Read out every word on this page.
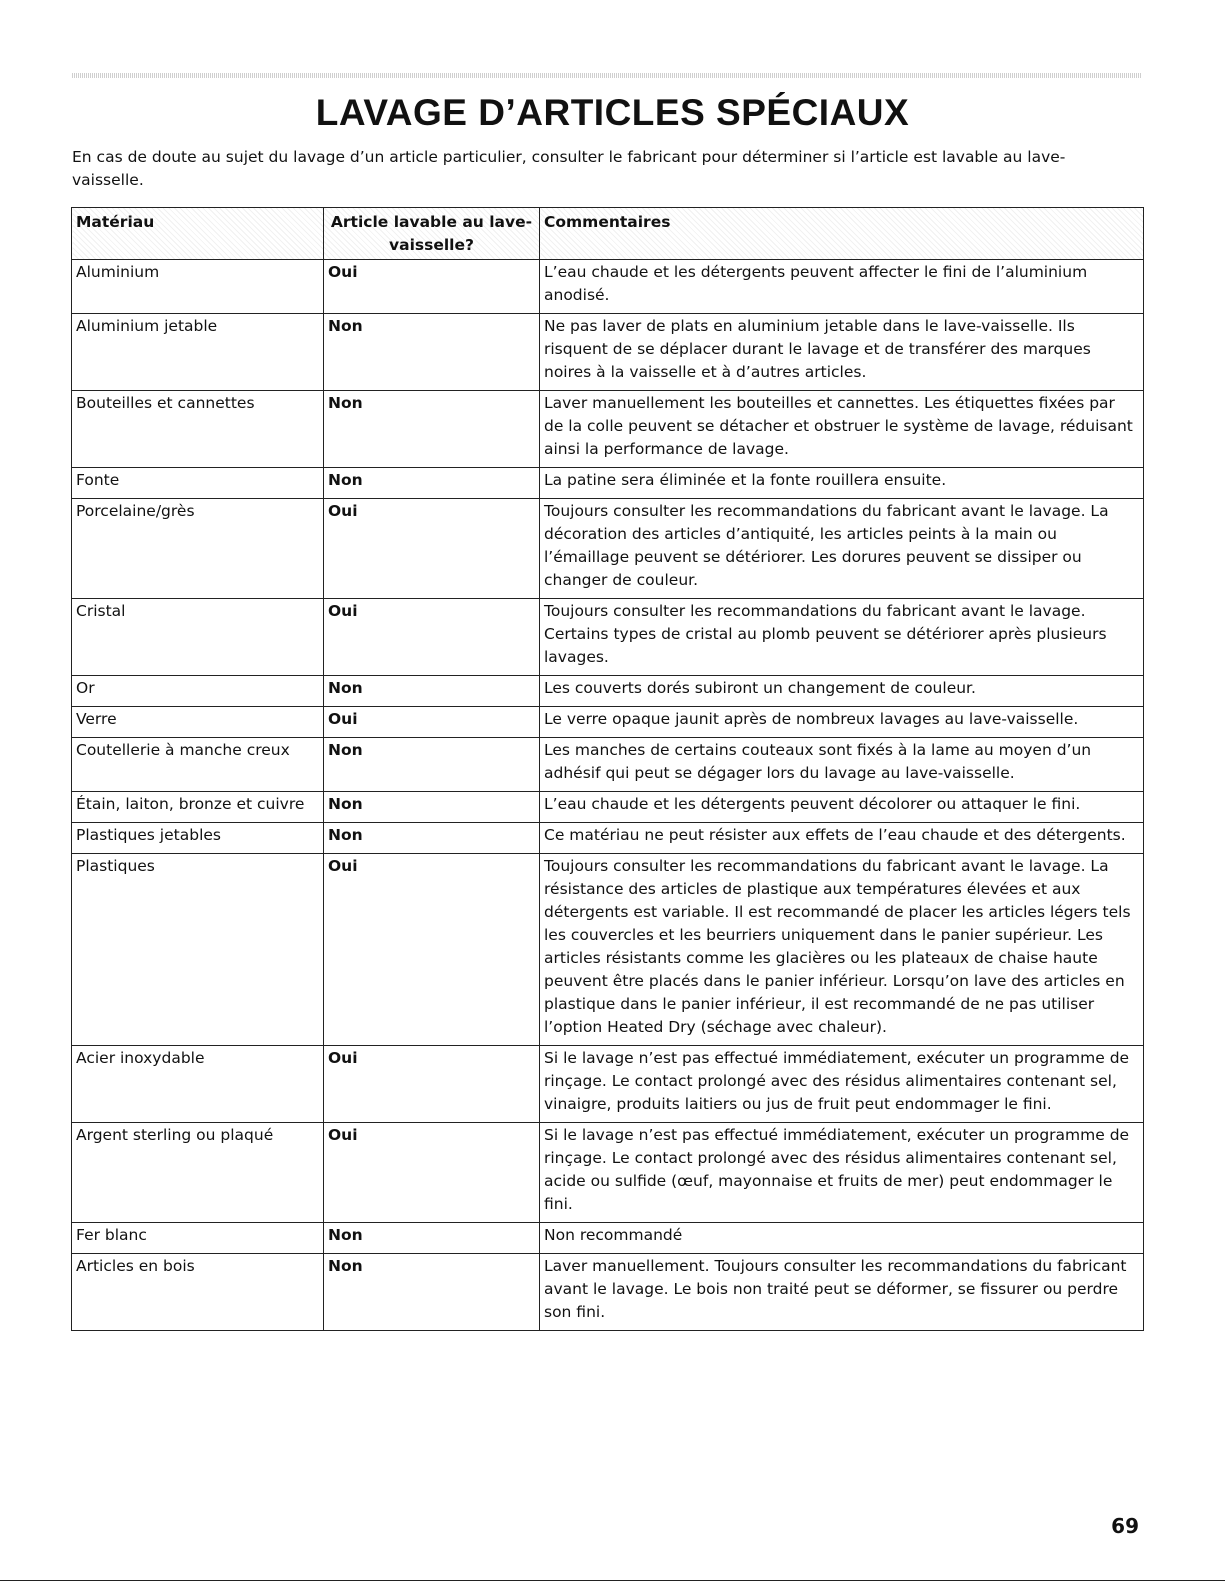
LAVAGE D’ARTICLES SPÉCIAUX

En cas de doute au sujet du lavage d’un article particulier, consulter le fabricant pour déterminer si l’article est lavable au lave-vaisselle.

Matériau	Article lavable au lave-vaisselle?	Commentaires
Aluminium	Oui	L’eau chaude et les détergents peuvent affecter le fini de l’aluminium anodisé.
Aluminium jetable	Non	Ne pas laver de plats en aluminium jetable dans le lave-vaisselle. Ils risquent de se déplacer durant le lavage et de transférer des marques noires à la vaisselle et à d’autres articles.
Bouteilles et cannettes	Non	Laver manuellement les bouteilles et cannettes. Les étiquettes fixées par de la colle peuvent se détacher et obstruer le système de lavage, réduisant ainsi la performance de lavage.
Fonte	Non	La patine sera éliminée et la fonte rouillera ensuite.
Porcelaine/grès	Oui	Toujours consulter les recommandations du fabricant avant le lavage. La décoration des articles d’antiquité, les articles peints à la main ou l’émaillage peuvent se détériorer. Les dorures peuvent se dissiper ou changer de couleur.
Cristal	Oui	Toujours consulter les recommandations du fabricant avant le lavage. Certains types de cristal au plomb peuvent se détériorer après plusieurs lavages.
Or	Non	Les couverts dorés subiront un changement de couleur.
Verre	Oui	Le verre opaque jaunit après de nombreux lavages au lave-vaisselle.
Coutellerie à manche creux	Non	Les manches de certains couteaux sont fixés à la lame au moyen d’un adhésif qui peut se dégager lors du lavage au lave-vaisselle.
Étain, laiton, bronze et cuivre	Non	L’eau chaude et les détergents peuvent décolorer ou attaquer le fini.
Plastiques jetables	Non	Ce matériau ne peut résister aux effets de l’eau chaude et des détergents.
Plastiques	Oui	Toujours consulter les recommandations du fabricant avant le lavage. La résistance des articles de plastique aux températures élevées et aux détergents est variable. Il est recommandé de placer les articles légers tels les couvercles et les beurriers uniquement dans le panier supérieur. Les articles résistants comme les glacières ou les plateaux de chaise haute peuvent être placés dans le panier inférieur. Lorsqu’on lave des articles en plastique dans le panier inférieur, il est recommandé de ne pas utiliser l’option Heated Dry (séchage avec chaleur).
Acier inoxydable	Oui	Si le lavage n’est pas effectué immédiatement, exécuter un programme de rinçage. Le contact prolongé avec des résidus alimentaires contenant sel, vinaigre, produits laitiers ou jus de fruit peut endommager le fini.
Argent sterling ou plaqué	Oui	Si le lavage n’est pas effectué immédiatement, exécuter un programme de rinçage. Le contact prolongé avec des résidus alimentaires contenant sel, acide ou sulfide (œuf, mayonnaise et fruits de mer) peut endommager le fini.
Fer blanc	Non	Non recommandé
Articles en bois	Non	Laver manuellement. Toujours consulter les recommandations du fabricant avant le lavage. Le bois non traité peut se déformer, se fissurer ou perdre son fini.

69
